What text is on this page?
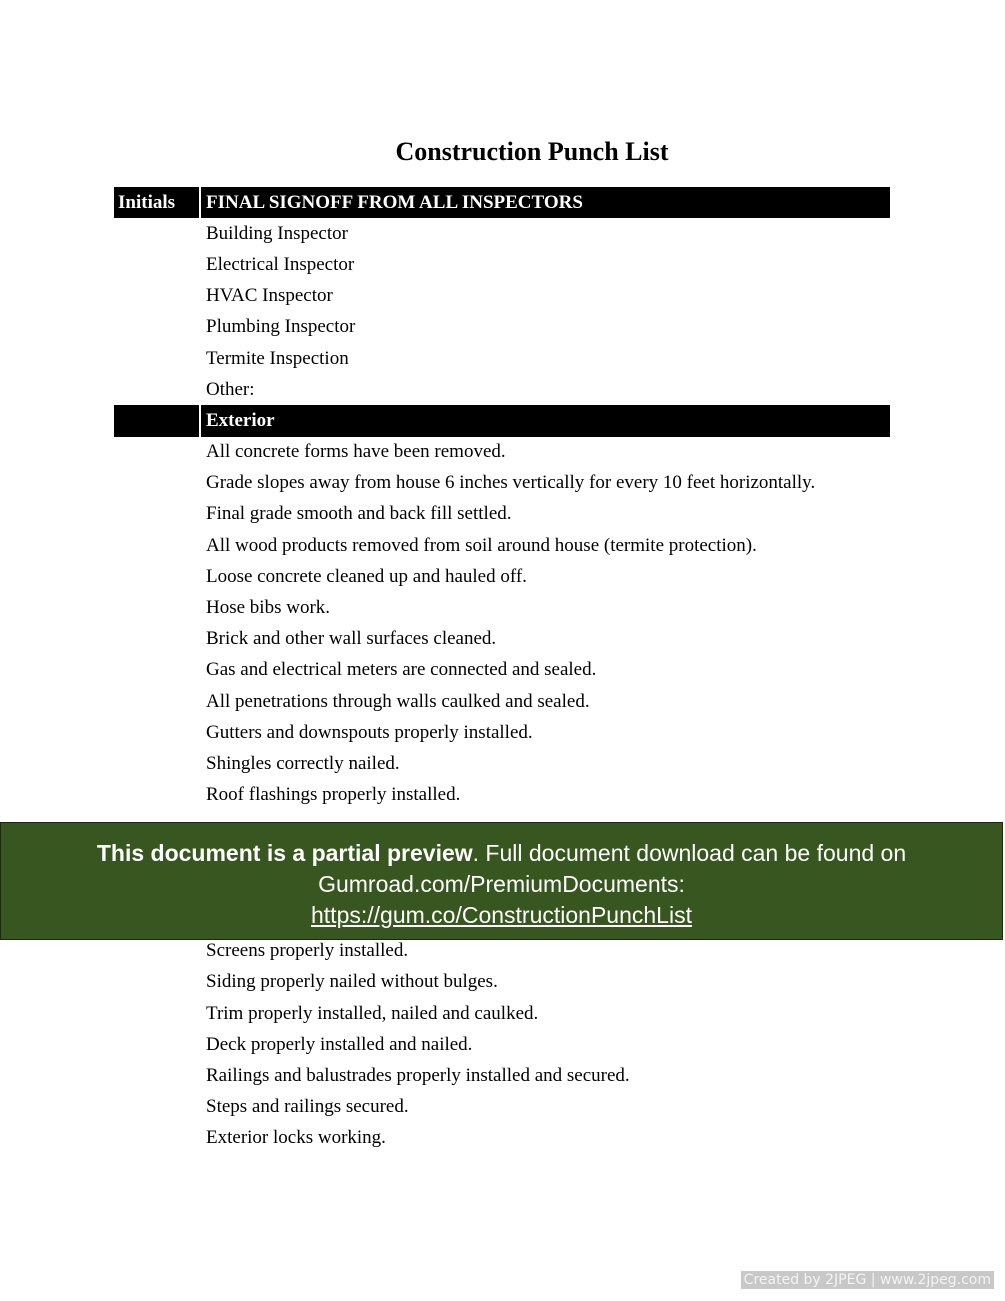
Construction Punch List
Initials	FINAL SIGNOFF FROM ALL INSPECTORS
Building Inspector
Electrical Inspector
HVAC Inspector
Plumbing Inspector
Termite Inspection
Other:
Exterior
All concrete forms have been removed.
Grade slopes away from house 6 inches vertically for every 10 feet horizontally.
Final grade smooth and back fill settled.
All wood products removed from soil around house (termite protection).
Loose concrete cleaned up and hauled off.
Hose bibs work.
Brick and other wall surfaces cleaned.
Gas and electrical meters are connected and sealed.
All penetrations through walls caulked and sealed.
Gutters and downspouts properly installed.
Shingles correctly nailed.
Roof flashings properly installed.
Screens properly installed.
Siding properly nailed without bulges.
Trim properly installed, nailed and caulked.
Deck properly installed and nailed.
Railings and balustrades properly installed and secured.
Steps and railings secured.
Exterior locks working.
This document is a partial preview. Full document download can be found on
Gumroad.com/PremiumDocuments:
https://gum.co/ConstructionPunchList
Created by 2JPEG | www.2jpeg.com
